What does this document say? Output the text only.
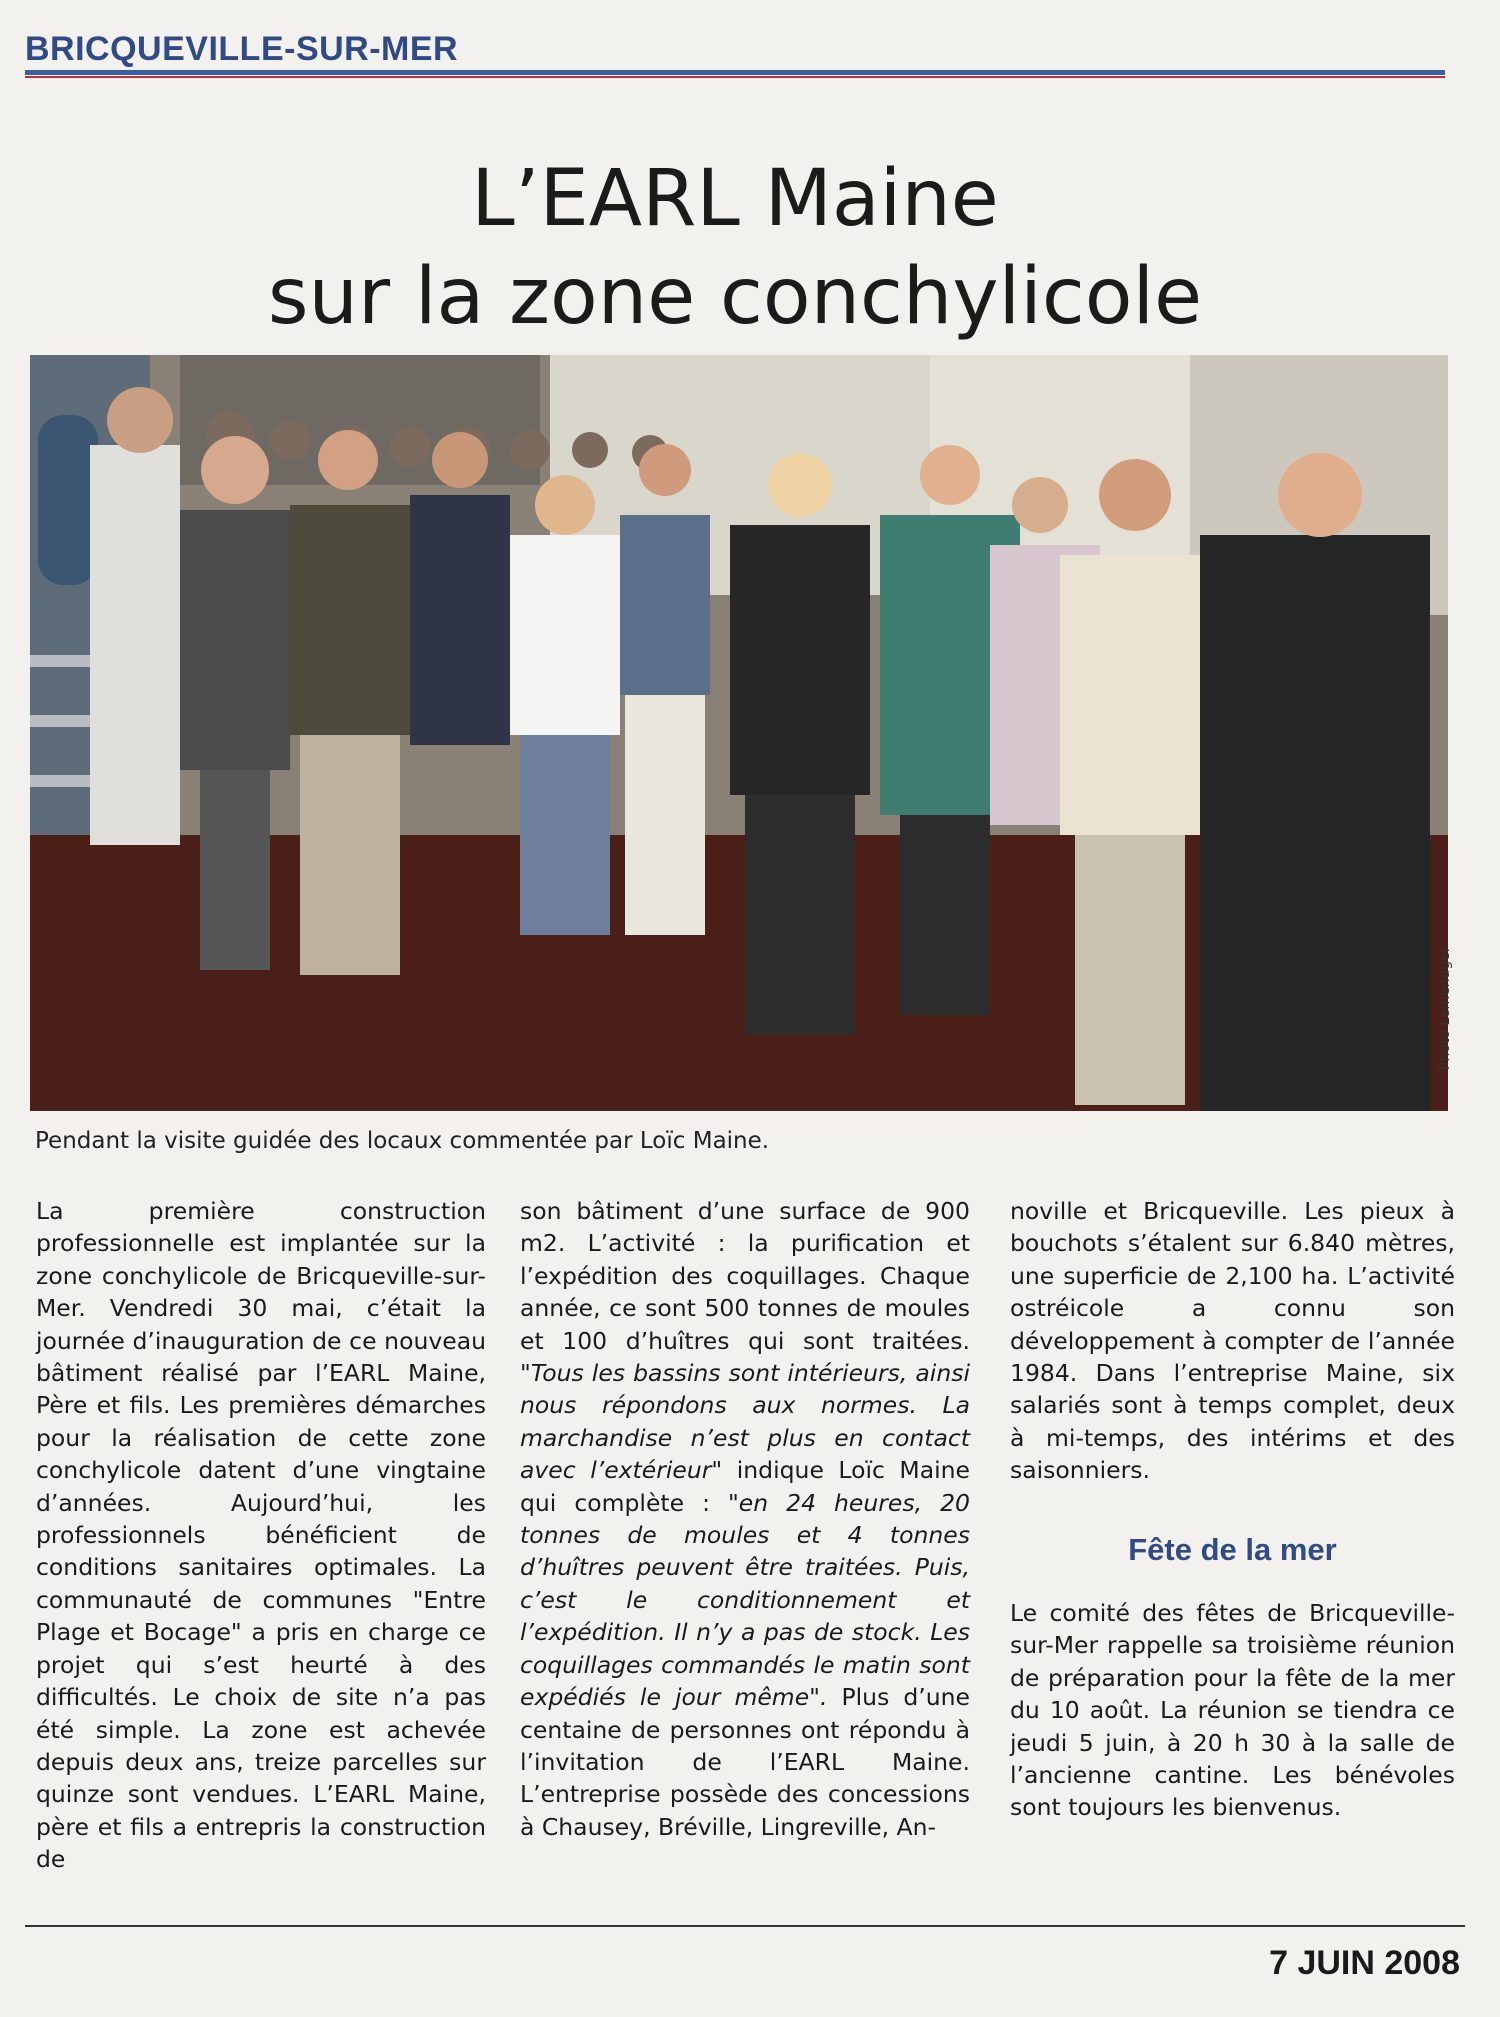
BRICQUEVILLE-SUR-MER
L’EARL Maine
sur la zone conchylicole
Photo Leménager
Pendant la visite guidée des locaux commentée par Loïc Maine.

La première construction professionnelle est implantée sur la zone conchylicole de Bricqueville-sur-Mer. Vendredi 30 mai, c’était la journée d’inauguration de ce nouveau bâtiment réalisé par l’EARL Maine, Père et fils. Les premières démarches pour la réalisation de cette zone conchylicole datent d’une vingtaine d’années. Aujourd’hui, les professionnels bénéficient de conditions sanitaires optimales. La communauté de communes "Entre Plage et Bocage" a pris en charge ce projet qui s’est heurté à des difficultés. Le choix de site n’a pas été simple. La zone est achevée depuis deux ans, treize parcelles sur quinze sont vendues. L’EARL Maine, père et fils a entrepris la construction de

son bâtiment d’une surface de 900 m2. L’activité : la purification et l’expédition des coquillages. Chaque année, ce sont 500 tonnes de moules et 100 d’huîtres qui sont traitées. "Tous les bassins sont intérieurs, ainsi nous répondons aux normes. La marchandise n’est plus en contact avec l’extérieur" indique Loïc Maine qui complète : "en 24 heures, 20 tonnes de moules et 4 tonnes d’huîtres peuvent être traitées. Puis, c’est le conditionnement et l’expédition. Il n’y a pas de stock. Les coquillages commandés le matin sont expédiés le jour même". Plus d’une centaine de personnes ont répondu à l’invitation de l’EARL Maine. L’entreprise possède des concessions à Chausey, Bréville, Lingreville, An-

noville et Bricqueville. Les pieux à bouchots s’étalent sur 6.840 mètres, une superficie de 2,100 ha. L’activité ostréicole a connu son développement à compter de l’année 1984. Dans l’entreprise Maine, six salariés sont à temps complet, deux à mi-temps, des intérims et des saisonniers.

Fête de la mer

Le comité des fêtes de Bricqueville-sur-Mer rappelle sa troisième réunion de préparation pour la fête de la mer du 10 août. La réunion se tiendra ce jeudi 5 juin, à 20 h 30 à la salle de l’ancienne cantine. Les bénévoles sont toujours les bienvenus.

7 JUIN 2008
